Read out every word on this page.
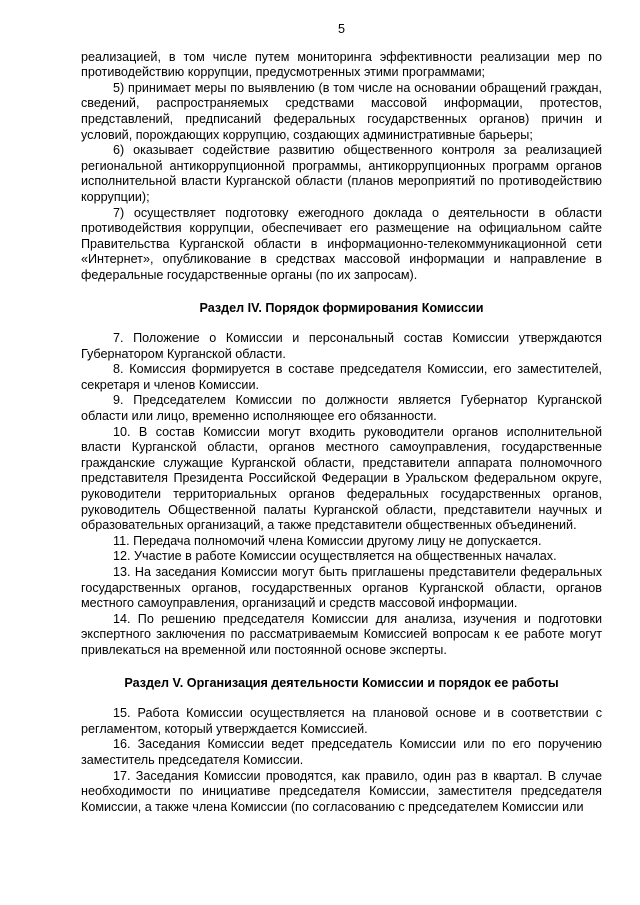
5

реализацией, в том числе путем мониторинга эффективности реализации мер по противодействию коррупции, предусмотренных этими программами;

5) принимает меры по выявлению (в том числе на основании обращений граждан, сведений, распространяемых средствами массовой информации, протестов, представлений, предписаний федеральных государственных органов) причин и условий, порождающих коррупцию, создающих административные барьеры;

6) оказывает содействие развитию общественного контроля за реализацией региональной антикоррупционной программы, антикоррупционных программ органов исполнительной власти Курганской области (планов мероприятий по противодействию коррупции);

7) осуществляет подготовку ежегодного доклада о деятельности в области противодействия коррупции, обеспечивает его размещение на официальном сайте Правительства Курганской области в информационно-телекоммуникационной сети «Интернет», опубликование в средствах массовой информации и направление в федеральные государственные органы (по их запросам).

Раздел IV. Порядок формирования Комиссии

7. Положение о Комиссии и персональный состав Комиссии утверждаются Губернатором Курганской области.

8. Комиссия формируется в составе председателя Комиссии, его заместителей, секретаря и членов Комиссии.

9. Председателем Комиссии по должности является Губернатор Курганской области или лицо, временно исполняющее его обязанности.

10. В состав Комиссии могут входить руководители органов исполнительной власти Курганской области, органов местного самоуправления, государственные гражданские служащие Курганской области, представители аппарата полномочного представителя Президента Российской Федерации в Уральском федеральном округе, руководители территориальных органов федеральных государственных органов, руководитель Общественной палаты Курганской области, представители научных и образовательных организаций, а также представители общественных объединений.

11. Передача полномочий члена Комиссии другому лицу не допускается.

12. Участие в работе Комиссии осуществляется на общественных началах.

13. На заседания Комиссии могут быть приглашены представители федеральных государственных органов, государственных органов Курганской области, органов местного самоуправления, организаций и средств массовой информации.

14. По решению председателя Комиссии для анализа, изучения и подготовки экспертного заключения по рассматриваемым Комиссией вопросам к ее работе могут привлекаться на временной или постоянной основе эксперты.

Раздел V. Организация деятельности Комиссии и порядок ее работы

15. Работа Комиссии осуществляется на плановой основе и в соответствии с регламентом, который утверждается Комиссией.

16. Заседания Комиссии ведет председатель Комиссии или по его поручению заместитель председателя Комиссии.

17. Заседания Комиссии проводятся, как правило, один раз в квартал. В случае необходимости по инициативе председателя Комиссии, заместителя председателя Комиссии, а также члена Комиссии (по согласованию с председателем Комиссии или
